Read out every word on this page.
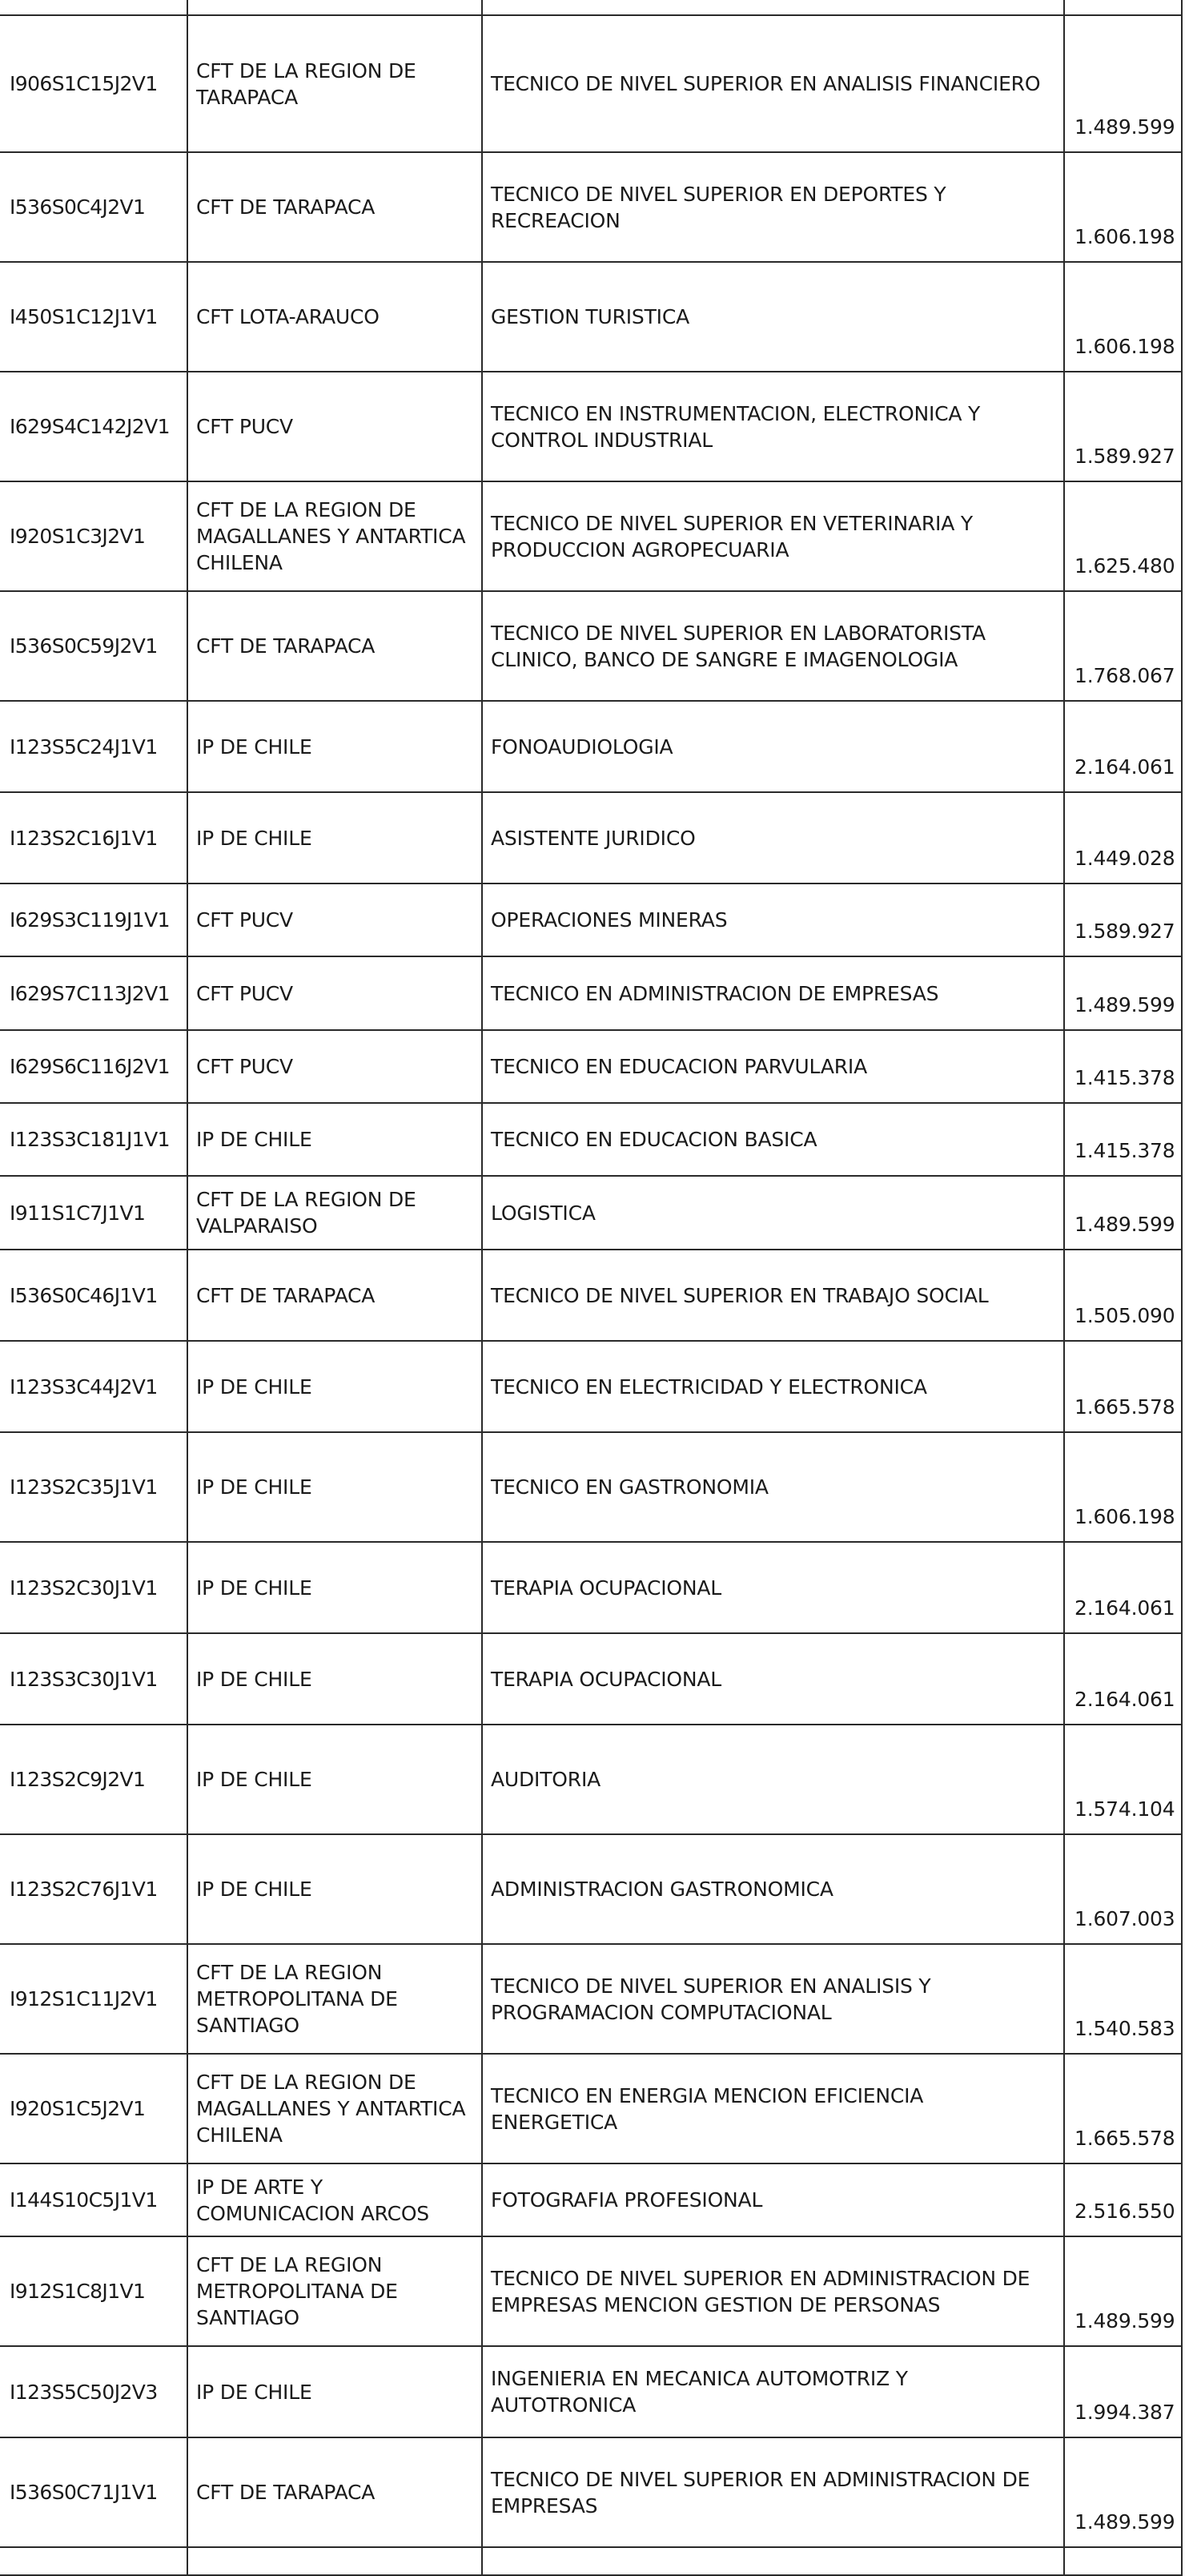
I906S1C15J2V1	CFT DE LA REGION DE TARAPACA	TECNICO DE NIVEL SUPERIOR EN ANALISIS FINANCIERO	1.489.599
I536S0C4J2V1	CFT DE TARAPACA	TECNICO DE NIVEL SUPERIOR EN DEPORTES Y RECREACION	1.606.198
I450S1C12J1V1	CFT LOTA-ARAUCO	GESTION TURISTICA	1.606.198
I629S4C142J2V1	CFT PUCV	TECNICO EN INSTRUMENTACION, ELECTRONICA Y CONTROL INDUSTRIAL	1.589.927
I920S1C3J2V1	CFT DE LA REGION DE MAGALLANES Y ANTARTICA CHILENA	TECNICO DE NIVEL SUPERIOR EN VETERINARIA Y PRODUCCION AGROPECUARIA	1.625.480
I536S0C59J2V1	CFT DE TARAPACA	TECNICO DE NIVEL SUPERIOR EN LABORATORISTA CLINICO, BANCO DE SANGRE E IMAGENOLOGIA	1.768.067
I123S5C24J1V1	IP DE CHILE	FONOAUDIOLOGIA	2.164.061
I123S2C16J1V1	IP DE CHILE	ASISTENTE JURIDICO	1.449.028
I629S3C119J1V1	CFT PUCV	OPERACIONES MINERAS	1.589.927
I629S7C113J2V1	CFT PUCV	TECNICO EN ADMINISTRACION DE EMPRESAS	1.489.599
I629S6C116J2V1	CFT PUCV	TECNICO EN EDUCACION PARVULARIA	1.415.378
I123S3C181J1V1	IP DE CHILE	TECNICO EN EDUCACION BASICA	1.415.378
I911S1C7J1V1	CFT DE LA REGION DE VALPARAISO	LOGISTICA	1.489.599
I536S0C46J1V1	CFT DE TARAPACA	TECNICO DE NIVEL SUPERIOR EN TRABAJO SOCIAL	1.505.090
I123S3C44J2V1	IP DE CHILE	TECNICO EN ELECTRICIDAD Y ELECTRONICA	1.665.578
I123S2C35J1V1	IP DE CHILE	TECNICO EN GASTRONOMIA	1.606.198
I123S2C30J1V1	IP DE CHILE	TERAPIA OCUPACIONAL	2.164.061
I123S3C30J1V1	IP DE CHILE	TERAPIA OCUPACIONAL	2.164.061
I123S2C9J2V1	IP DE CHILE	AUDITORIA	1.574.104
I123S2C76J1V1	IP DE CHILE	ADMINISTRACION GASTRONOMICA	1.607.003
I912S1C11J2V1	CFT DE LA REGION METROPOLITANA DE SANTIAGO	TECNICO DE NIVEL SUPERIOR EN ANALISIS Y PROGRAMACION COMPUTACIONAL	1.540.583
I920S1C5J2V1	CFT DE LA REGION DE MAGALLANES Y ANTARTICA CHILENA	TECNICO EN ENERGIA MENCION EFICIENCIA ENERGETICA	1.665.578
I144S10C5J1V1	IP DE ARTE Y COMUNICACION ARCOS	FOTOGRAFIA PROFESIONAL	2.516.550
I912S1C8J1V1	CFT DE LA REGION METROPOLITANA DE SANTIAGO	TECNICO DE NIVEL SUPERIOR EN ADMINISTRACION DE EMPRESAS MENCION GESTION DE PERSONAS	1.489.599
I123S5C50J2V3	IP DE CHILE	INGENIERIA EN MECANICA AUTOMOTRIZ Y AUTOTRONICA	1.994.387
I536S0C71J1V1	CFT DE TARAPACA	TECNICO DE NIVEL SUPERIOR EN ADMINISTRACION DE EMPRESAS	1.489.599
